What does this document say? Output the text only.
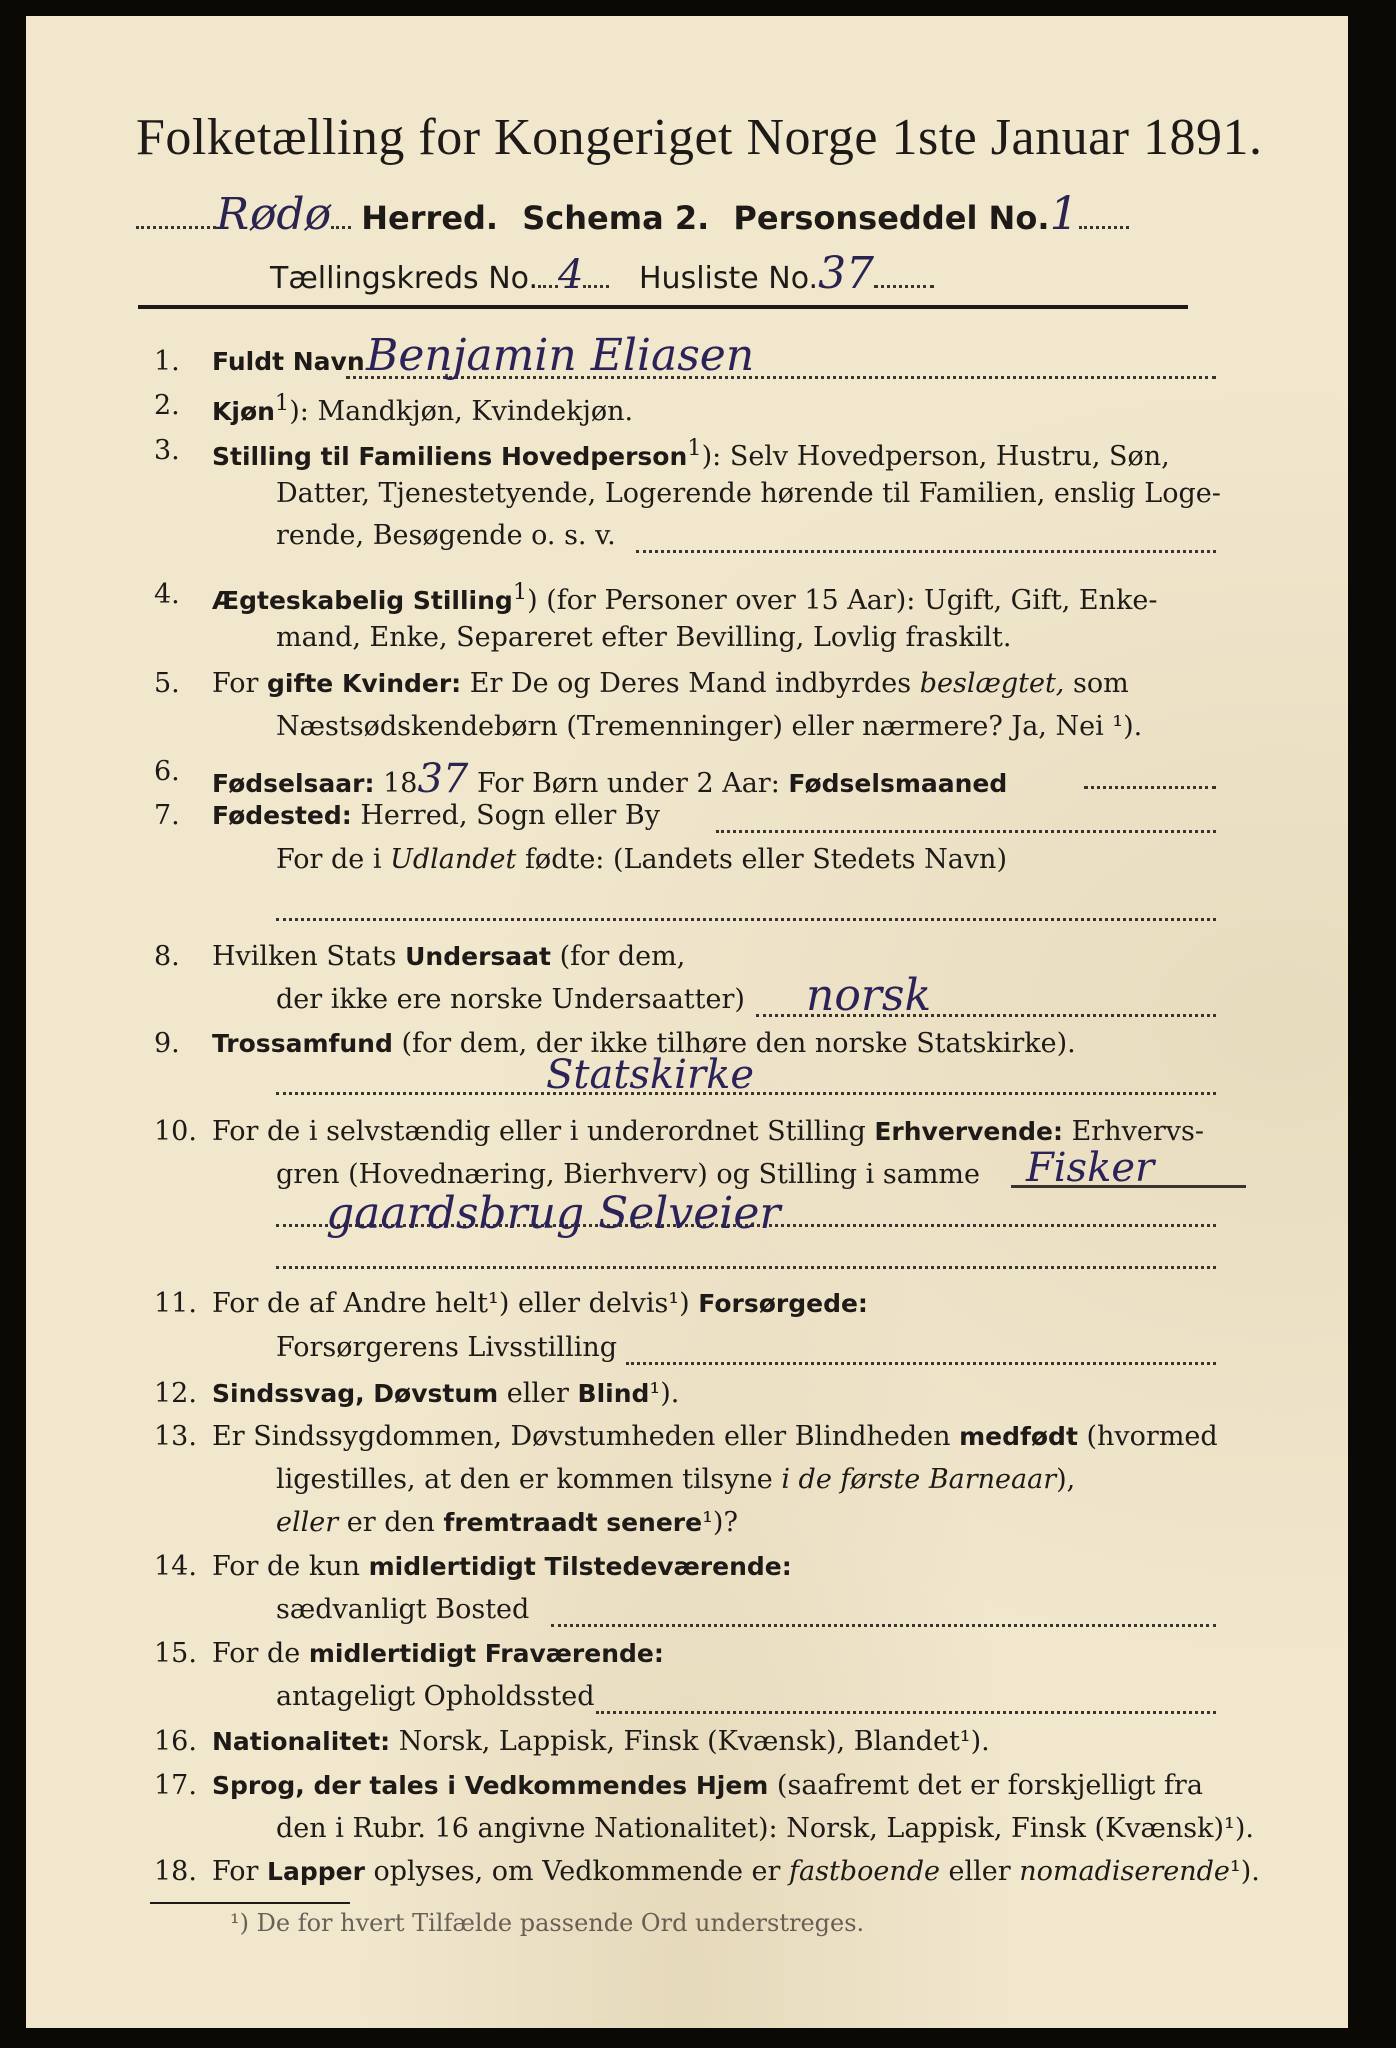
Folketælling for Kongeriget Norge 1ste Januar 1891.
Rødø Herred. Schema 2. Personseddel No.1
Tællingskreds No. 4 Husliste No.37
1.	Fuldt Navn Benjamin Eliasen
2.	Kjøn$^1$): Mandkjøn, Kvindekjøn.
3.	Stilling til Familiens Hovedperson$^1$): Selv Hovedperson, Hustru, Søn,
Datter, Tjenestetyende, Logerende hørende til Familien, enslig Loge-
rende, Besøgende o. s. v.
4.	Ægteskabelig Stilling$^1$) (for Personer over 15 Aar): Ugift, Gift, Enke-
mand, Enke, Separeret efter Bevilling, Lovlig fraskilt.
5.	For gifte Kvinder: Er De og Deres Mand indbyrdes beslægtet, som
Næstsødskendebørn (Tremenninger) eller nærmere? Ja, Nei ¹).
6.	Fødselsaar: 1837 For Børn under 2 Aar: Fødselsmaaned
7.	Fødested: Herred, Sogn eller By
For de i Udlandet fødte: (Landets eller Stedets Navn)
8.	Hvilken Stats Undersaat (for dem,
der ikke ere norske Undersaatter) norsk
9.	Trossamfund (for dem, der ikke tilhøre den norske Statskirke).
Statskirke
10. For de i selvstændig eller i underordnet Stilling Erhvervende: Erhvervs-
gren (Hovednæring, Bierhverv) og Stilling i samme Fisker
gaardsbrug Selveier
11. For de af Andre helt¹) eller delvis¹) Forsørgede:
Forsørgerens Livsstilling
12. Sindssvag, Døvstum eller Blind¹).
13. Er Sindssygdommen, Døvstumheden eller Blindheden medfødt (hvormed
ligestilles, at den er kommen tilsyne i de første Barneaar),
eller er den fremtraadt senere¹)?
14. For de kun midlertidigt Tilstedeværende:
sædvanligt Bosted
15. For de midlertidigt Fraværende:
antageligt Opholdssted
16. Nationalitet: Norsk, Lappisk, Finsk (Kvænsk), Blandet¹).
17. Sprog, der tales i Vedkommendes Hjem (saafremt det er forskjelligt fra
den i Rubr. 16 angivne Nationalitet): Norsk, Lappisk, Finsk (Kvænsk)¹).
18. For Lapper oplyses, om Vedkommende er fastboende eller nomadiserende¹).
¹) De for hvert Tilfælde passende Ord understreges.
